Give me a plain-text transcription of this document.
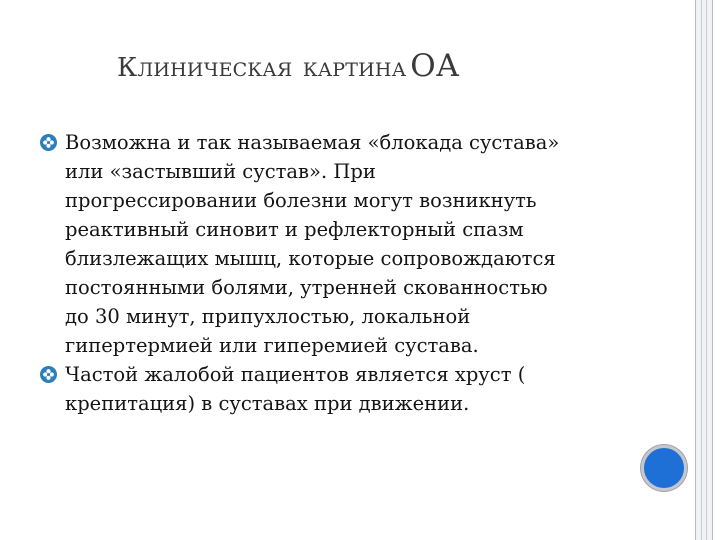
КЛИНИЧЕСКАЯ КАРТИНА ОА
Возможна и так называемая «блокада сустава»
или «застывший сустав». При
прогрессировании болезни могут возникнуть
реактивный синовит и рефлекторный спазм
близлежащих мышц, которые сопровождаются
постоянными болями, утренней скованностью
до 30 минут, припухлостью, локальной
гипертермией или гиперемией сустава.
Частой жалобой пациентов является хруст (
крепитация) в суставах при движении.
